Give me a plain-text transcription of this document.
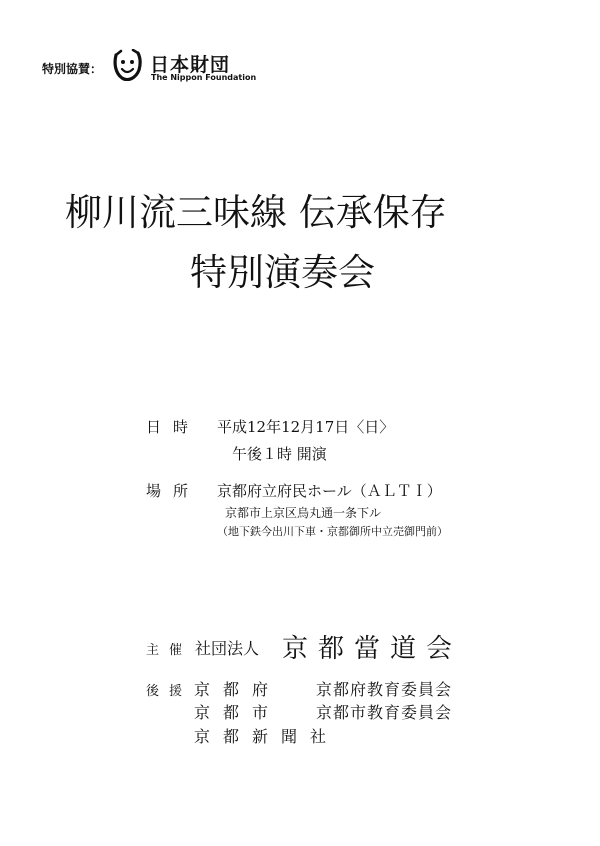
特別協賛：	日本財団
The Nippon Foundation
柳川流三味線 伝承保存
特別演奏会
日時 平成12年12月17日〈日〉
午後１時 開演
場所 京都府立府民ホール（ＡＬＴＩ）
京都市上京区烏丸通一条下ル
（地下鉄今出川下車・京都御所中立売御門前）
主催 社団法人 京都當道会
後援 京都府 京都府教育委員会
京都市 京都市教育委員会
京都新聞社
